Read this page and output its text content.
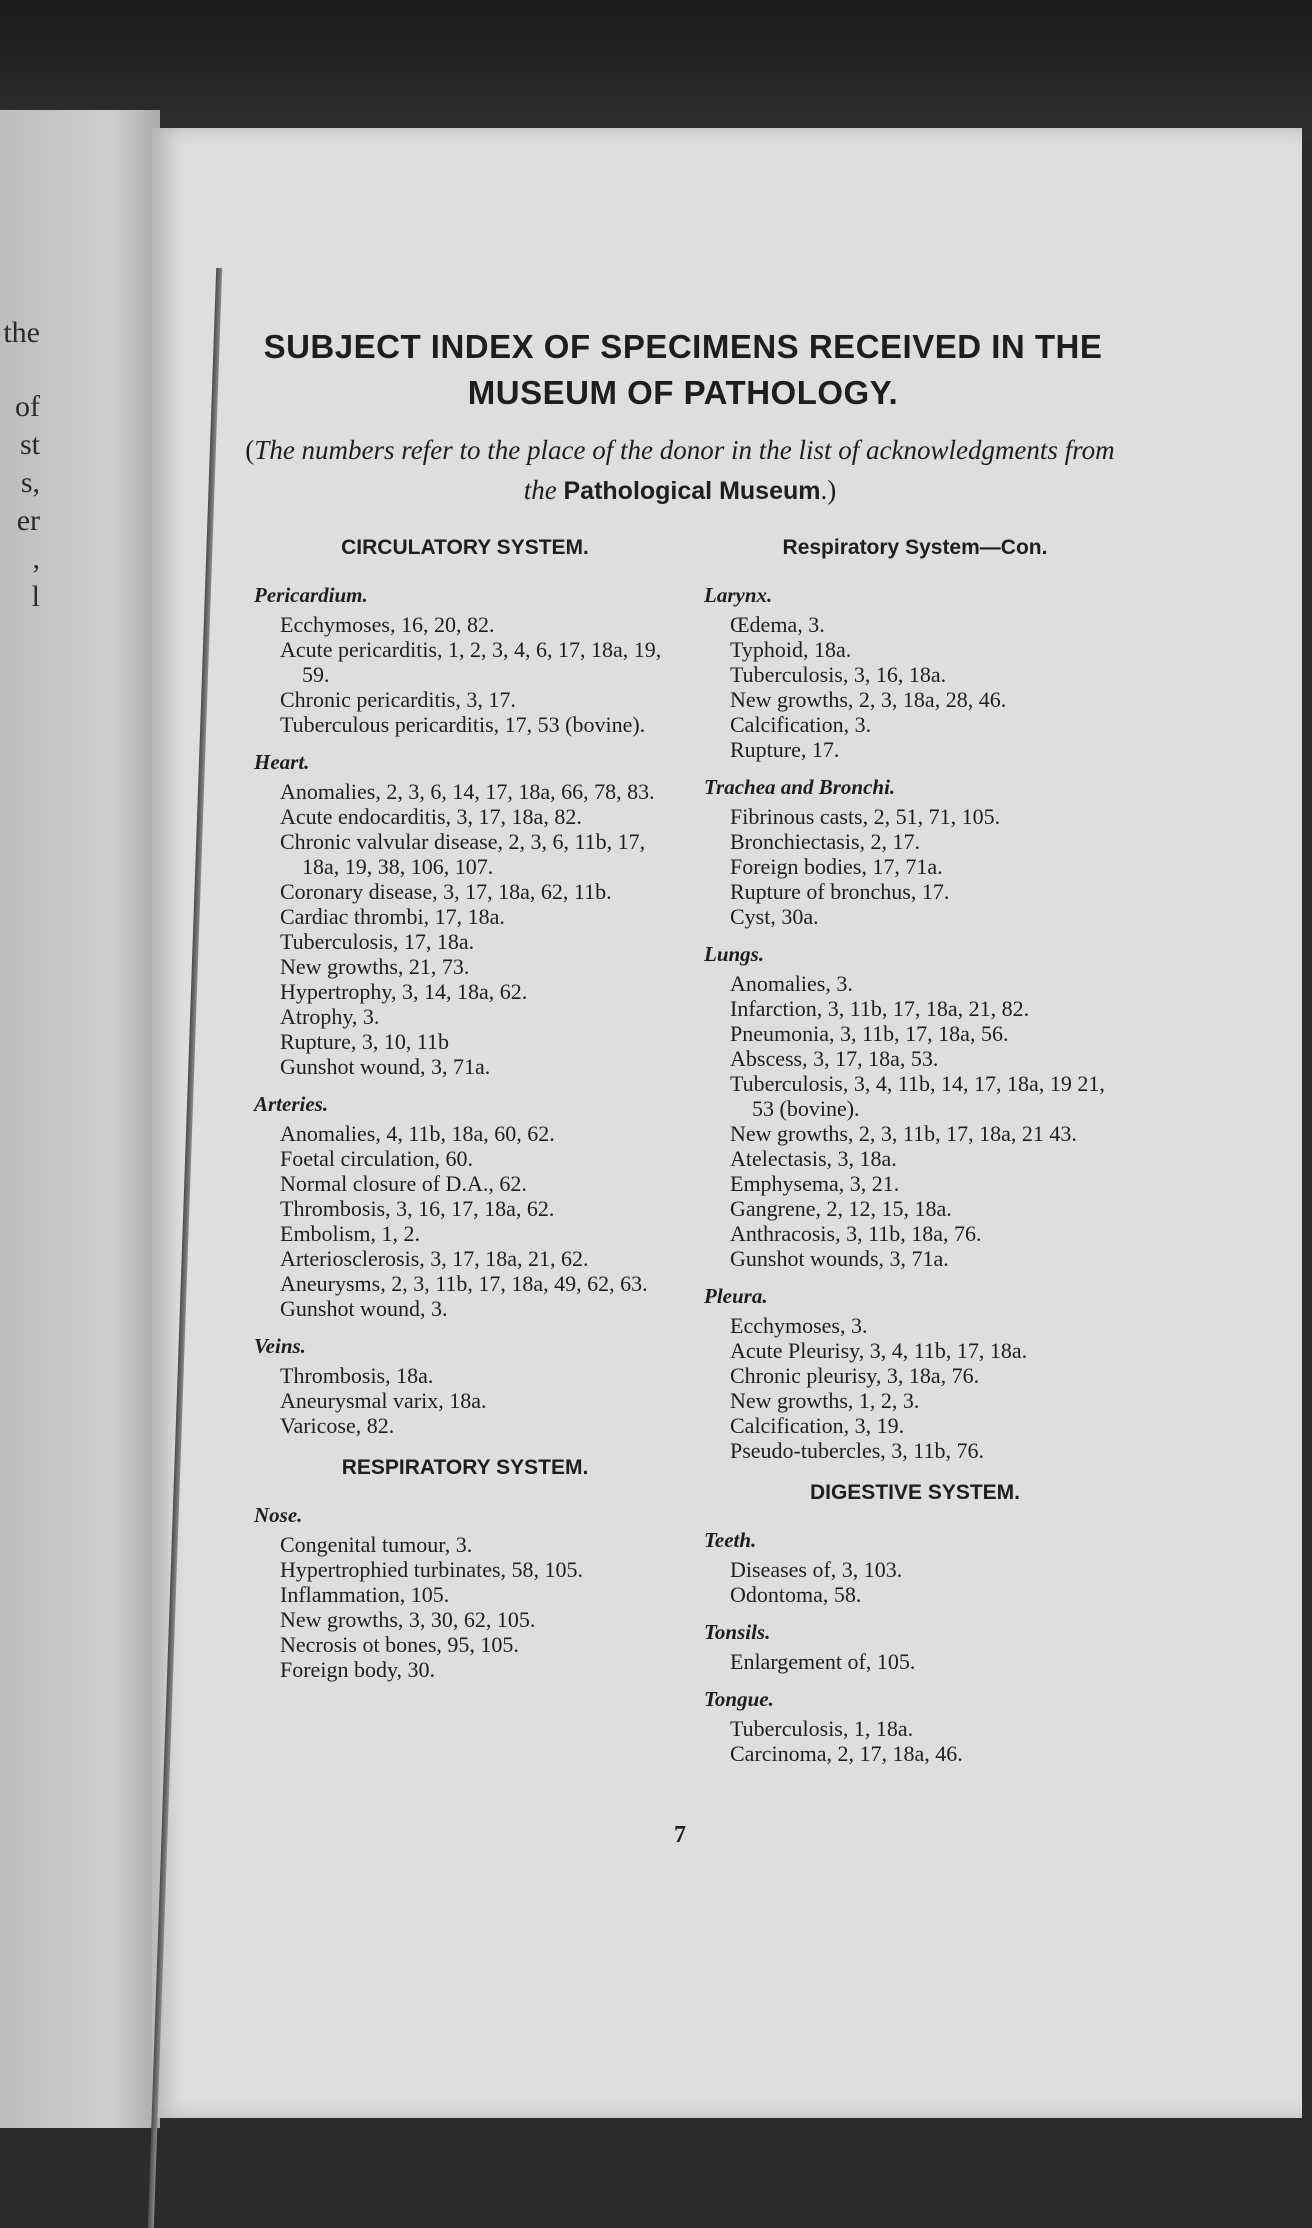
the
of
st
s,
er
,
l
SUBJECT INDEX OF SPECIMENS RECEIVED IN THE MUSEUM OF PATHOLOGY.

(The numbers refer to the place of the donor in the list of acknowledgments from the Pathological Museum.)

CIRCULATORY SYSTEM.
Pericardium.
Ecchymoses, 16, 20, 82.
Acute pericarditis, 1, 2, 3, 4, 6, 17, 18a, 19, 59.
Chronic pericarditis, 3, 17.
Tuberculous pericarditis, 17, 53 (bovine).
Heart.
Anomalies, 2, 3, 6, 14, 17, 18a, 66, 78, 83.
Acute endocarditis, 3, 17, 18a, 82.
Chronic valvular disease, 2, 3, 6, 11b, 17, 18a, 19, 38, 106, 107.
Coronary disease, 3, 17, 18a, 62, 11b.
Cardiac thrombi, 17, 18a.
Tuberculosis, 17, 18a.
New growths, 21, 73.
Hypertrophy, 3, 14, 18a, 62.
Atrophy, 3.
Rupture, 3, 10, 11b
Gunshot wound, 3, 71a.
Arteries.
Anomalies, 4, 11b, 18a, 60, 62.
Foetal circulation, 60.
Normal closure of D.A., 62.
Thrombosis, 3, 16, 17, 18a, 62.
Embolism, 1, 2.
Arteriosclerosis, 3, 17, 18a, 21, 62.
Aneurysms, 2, 3, 11b, 17, 18a, 49, 62, 63.
Gunshot wound, 3.
Veins.
Thrombosis, 18a.
Aneurysmal varix, 18a.
Varicose, 82.
RESPIRATORY SYSTEM.
Nose.
Congenital tumour, 3.
Hypertrophied turbinates, 58, 105.
Inflammation, 105.
New growths, 3, 30, 62, 105.
Necrosis ot bones, 95, 105.
Foreign body, 30.
Respiratory System—Con.
Larynx.
Œdema, 3.
Typhoid, 18a.
Tuberculosis, 3, 16, 18a.
New growths, 2, 3, 18a, 28, 46.
Calcification, 3.
Rupture, 17.
Trachea and Bronchi.
Fibrinous casts, 2, 51, 71, 105.
Bronchiectasis, 2, 17.
Foreign bodies, 17, 71a.
Rupture of bronchus, 17.
Cyst, 30a.
Lungs.
Anomalies, 3.
Infarction, 3, 11b, 17, 18a, 21, 82.
Pneumonia, 3, 11b, 17, 18a, 56.
Abscess, 3, 17, 18a, 53.
Tuberculosis, 3, 4, 11b, 14, 17, 18a, 19 21, 53 (bovine).
New growths, 2, 3, 11b, 17, 18a, 21 43.
Atelectasis, 3, 18a.
Emphysema, 3, 21.
Gangrene, 2, 12, 15, 18a.
Anthracosis, 3, 11b, 18a, 76.
Gunshot wounds, 3, 71a.
Pleura.
Ecchymoses, 3.
Acute Pleurisy, 3, 4, 11b, 17, 18a.
Chronic pleurisy, 3, 18a, 76.
New growths, 1, 2, 3.
Calcification, 3, 19.
Pseudo-tubercles, 3, 11b, 76.
DIGESTIVE SYSTEM.
Teeth.
Diseases of, 3, 103.
Odontoma, 58.
Tonsils.
Enlargement of, 105.
Tongue.
Tuberculosis, 1, 18a.
Carcinoma, 2, 17, 18a, 46.
7
